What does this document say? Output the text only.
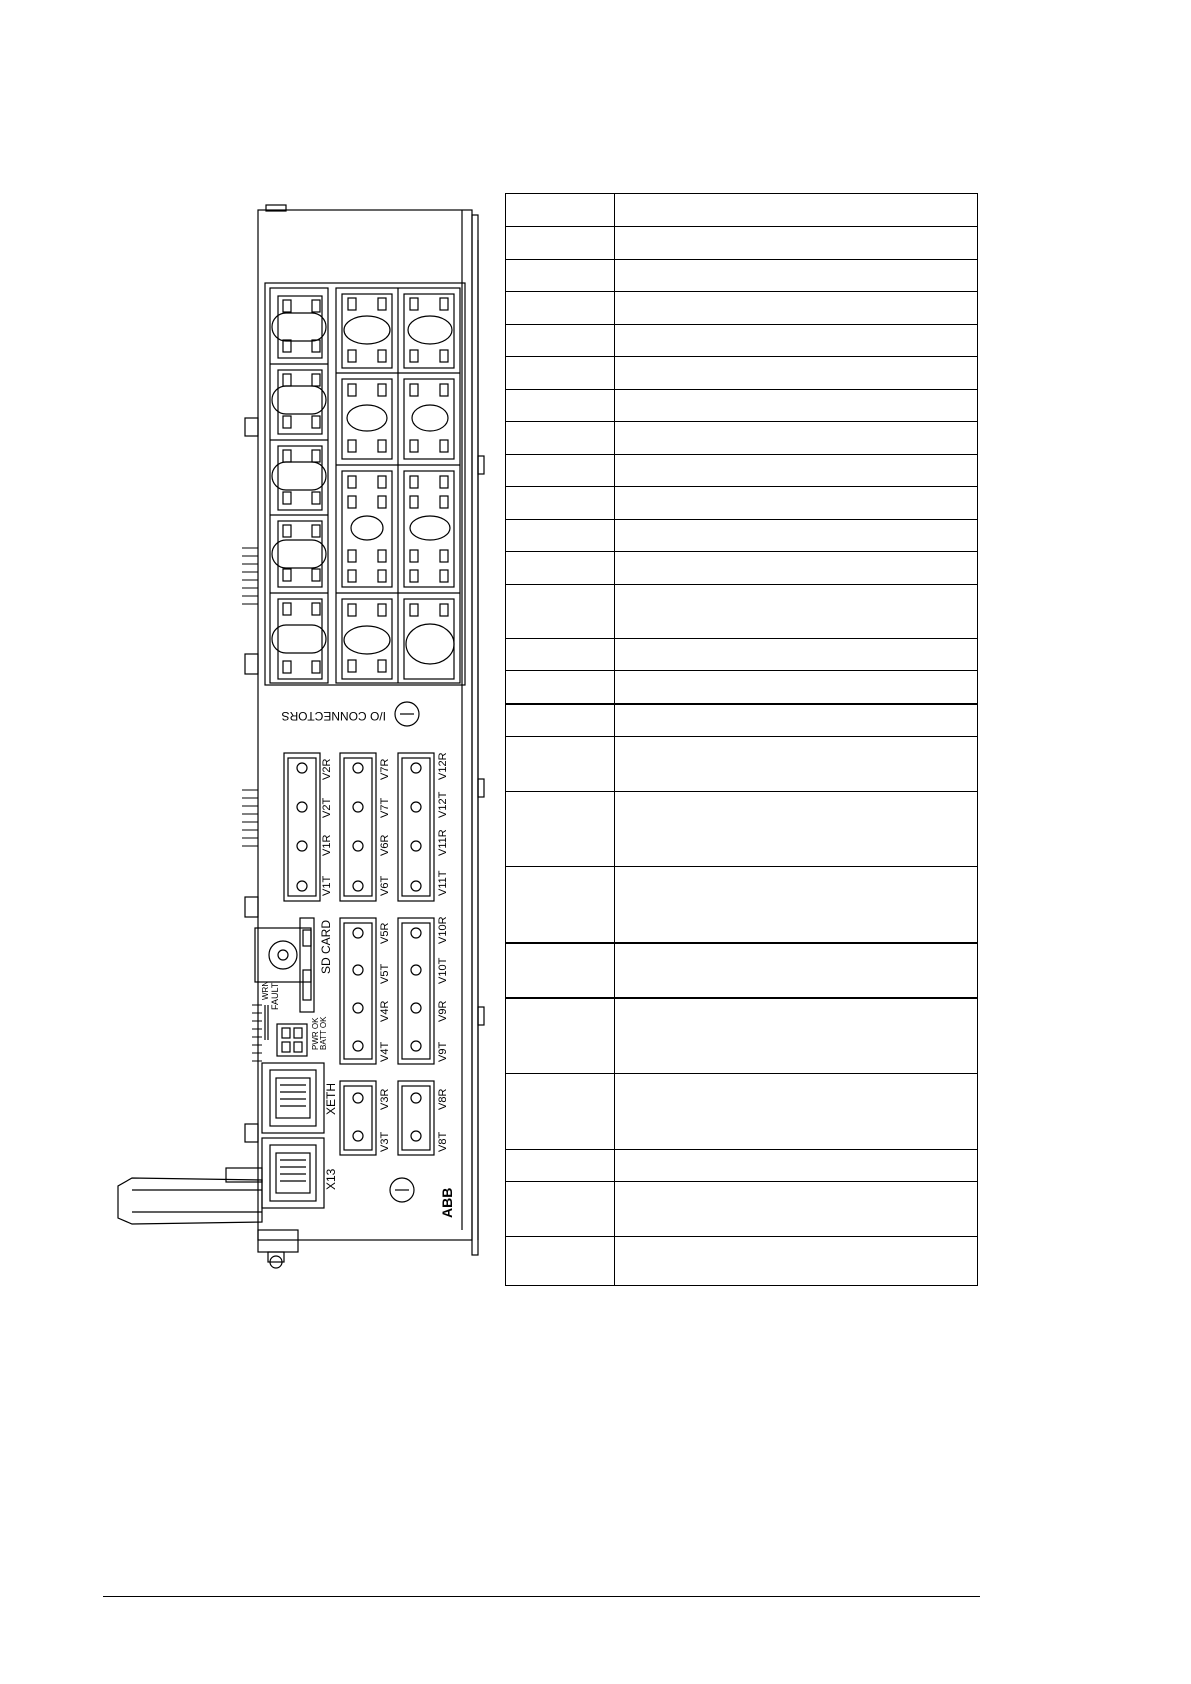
I/O CONNECTORS
SD CARD
WRN FAULT
PWR OK BATT OK
XETH
X13
ABB
V1T
V1R
V2T
V2R
V6T
V6R
V7T
V7R
V11T
V11R
V12T
V12R
V4T
V4R
V5T
V5R
V9T
V9R
V10T
V10R
V3T
V3R
V8T
V8R
